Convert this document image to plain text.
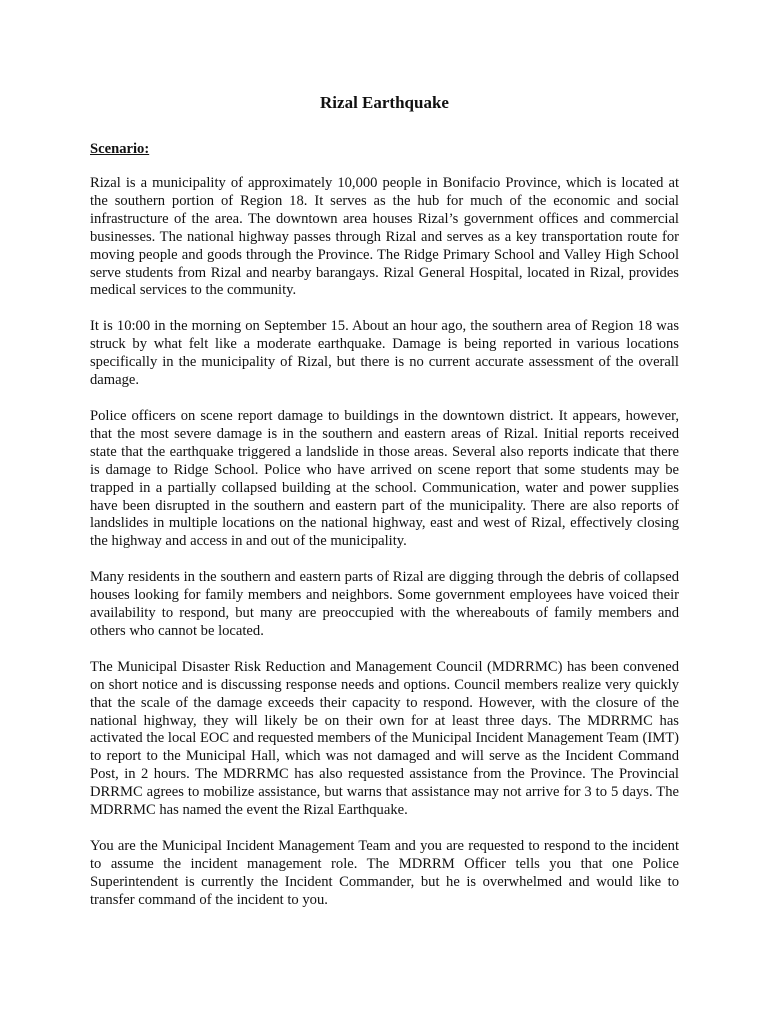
Rizal Earthquake
Scenario:

Rizal is a municipality of approximately 10,000 people in Bonifacio Province, which is located at the southern portion of Region 18. It serves as the hub for much of the economic and social infrastructure of the area. The downtown area houses Rizal’s government offices and commercial businesses. The national highway passes through Rizal and serves as a key transportation route for moving people and goods through the Province. The Ridge Primary School and Valley High School serve students from Rizal and nearby barangays. Rizal General Hospital, located in Rizal, provides medical services to the community.

It is 10:00 in the morning on September 15. About an hour ago, the southern area of Region 18 was struck by what felt like a moderate earthquake. Damage is being reported in various locations specifically in the municipality of Rizal, but there is no current accurate assessment of the overall damage.

Police officers on scene report damage to buildings in the downtown district. It appears, however, that the most severe damage is in the southern and eastern areas of Rizal. Initial reports received state that the earthquake triggered a landslide in those areas. Several also reports indicate that there is damage to Ridge School. Police who have arrived on scene report that some students may be trapped in a partially collapsed building at the school. Communication, water and power supplies have been disrupted in the southern and eastern part of the municipality. There are also reports of landslides in multiple locations on the national highway, east and west of Rizal, effectively closing the highway and access in and out of the municipality.

Many residents in the southern and eastern parts of Rizal are digging through the debris of collapsed houses looking for family members and neighbors. Some government employees have voiced their availability to respond, but many are preoccupied with the whereabouts of family members and others who cannot be located.

The Municipal Disaster Risk Reduction and Management Council (MDRRMC) has been convened on short notice and is discussing response needs and options. Council members realize very quickly that the scale of the damage exceeds their capacity to respond. However, with the closure of the national highway, they will likely be on their own for at least three days. The MDRRMC has activated the local EOC and requested members of the Municipal Incident Management Team (IMT) to report to the Municipal Hall, which was not damaged and will serve as the Incident Command Post, in 2 hours. The MDRRMC has also requested assistance from the Province. The Provincial DRRMC agrees to mobilize assistance, but warns that assistance may not arrive for 3 to 5 days. The MDRRMC has named the event the Rizal Earthquake.

You are the Municipal Incident Management Team and you are requested to respond to the incident to assume the incident management role. The MDRRM Officer tells you that one Police Superintendent is currently the Incident Commander, but he is overwhelmed and would like to transfer command of the incident to you.
